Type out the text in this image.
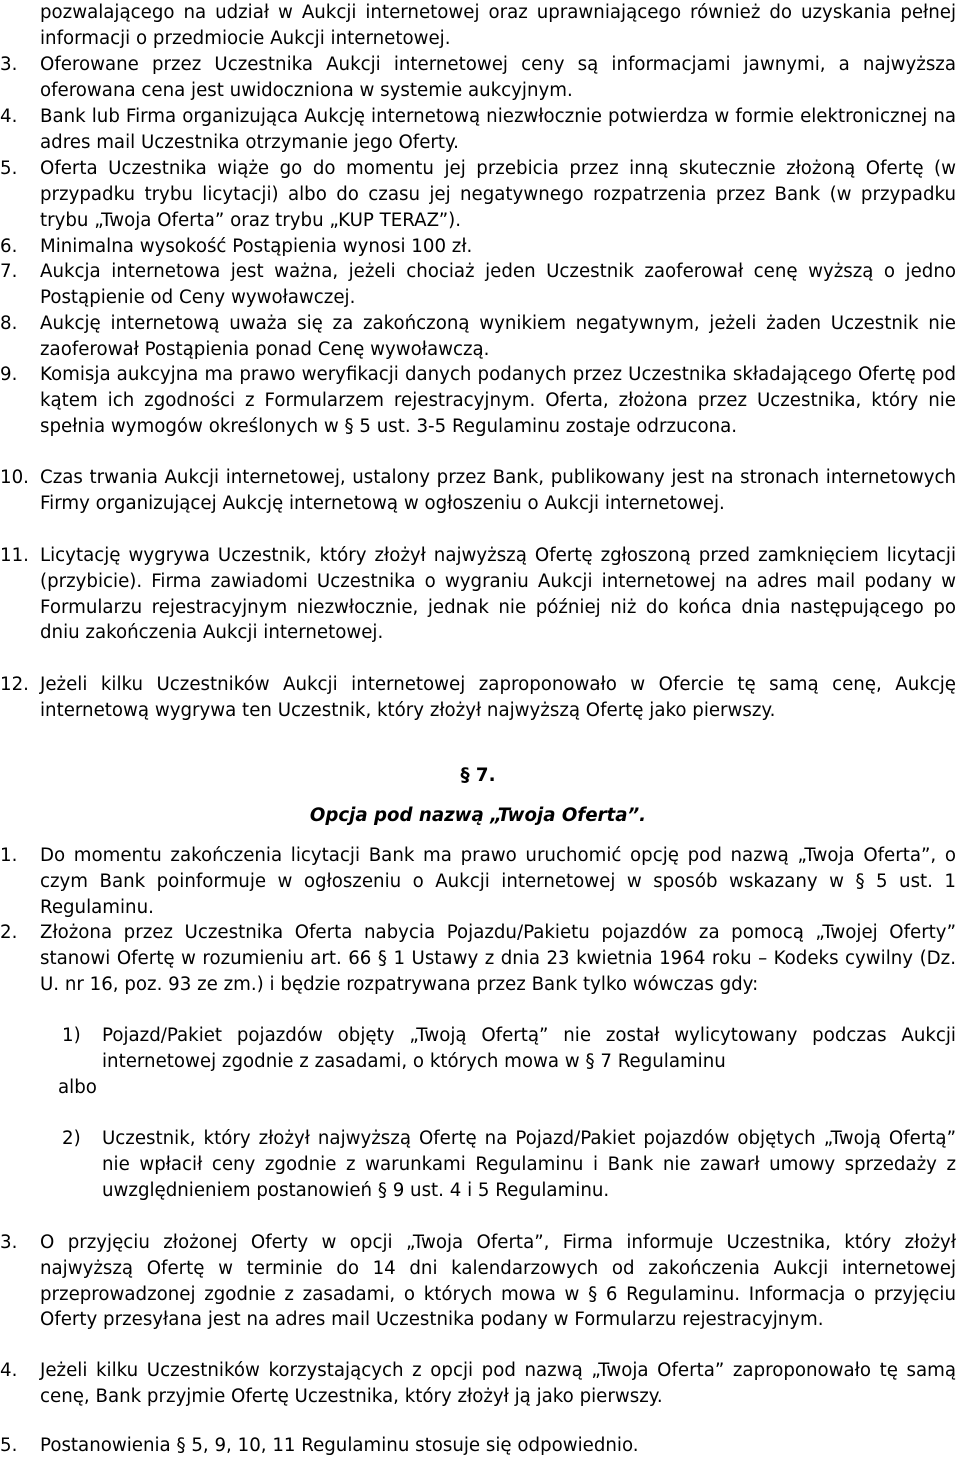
pozwalającego na udział w Aukcji internetowej oraz uprawniającego również do uzyskania pełnej informacji o przedmiocie Aukcji internetowej.
3.	Oferowane przez Uczestnika Aukcji internetowej ceny są informacjami jawnymi, a najwyższa oferowana cena jest uwidoczniona w systemie aukcyjnym.
4.	Bank lub Firma organizująca Aukcję internetową niezwłocznie potwierdza w formie elektronicznej na adres mail Uczestnika otrzymanie jego Oferty.
5.	Oferta Uczestnika wiąże go do momentu jej przebicia przez inną skutecznie złożoną Ofertę (w przypadku trybu licytacji) albo do czasu jej negatywnego rozpatrzenia przez Bank (w przypadku trybu „Twoja Oferta” oraz trybu „KUP TERAZ”).
6.	Minimalna wysokość Postąpienia wynosi 100 zł.
7.	Aukcja internetowa jest ważna, jeżeli chociaż jeden Uczestnik zaoferował cenę wyższą o jedno Postąpienie od Ceny wywoławczej.
8.	Aukcję internetową uważa się za zakończoną wynikiem negatywnym, jeżeli żaden Uczestnik nie zaoferował Postąpienia ponad Cenę wywoławczą.
9.	Komisja aukcyjna ma prawo weryfikacji danych podanych przez Uczestnika składającego Ofertę pod kątem ich zgodności z Formularzem rejestracyjnym. Oferta, złożona przez Uczestnika, który nie spełnia wymogów określonych w § 5 ust. 3-5 Regulaminu zostaje odrzucona.
10. Czas trwania Aukcji internetowej, ustalony przez Bank, publikowany jest na stronach internetowych Firmy organizującej Aukcję internetową w ogłoszeniu o Aukcji internetowej.
11. Licytację wygrywa Uczestnik, który złożył najwyższą Ofertę zgłoszoną przed zamknięciem licytacji (przybicie). Firma zawiadomi Uczestnika o wygraniu Aukcji internetowej na adres mail podany w Formularzu rejestracyjnym niezwłocznie, jednak nie później niż do końca dnia następującego po dniu zakończenia Aukcji internetowej.
12. Jeżeli kilku Uczestników Aukcji internetowej zaproponowało w Ofercie tę samą cenę, Aukcję internetową wygrywa ten Uczestnik, który złożył najwyższą Ofertę jako pierwszy.
§ 7.
Opcja pod nazwą „Twoja Oferta”.
1.	Do momentu zakończenia licytacji Bank ma prawo uruchomić opcję pod nazwą „Twoja Oferta”, o czym Bank poinformuje w ogłoszeniu o Aukcji internetowej w sposób wskazany w § 5 ust. 1 Regulaminu.
2.	Złożona przez Uczestnika Oferta nabycia Pojazdu/Pakietu pojazdów za pomocą „Twojej Oferty” stanowi Ofertę w rozumieniu art. 66 § 1 Ustawy z dnia 23 kwietnia 1964 roku – Kodeks cywilny (Dz. U. nr 16, poz. 93 ze zm.) i będzie rozpatrywana przez Bank tylko wówczas gdy:
1)	Pojazd/Pakiet pojazdów objęty „Twoją Ofertą” nie został wylicytowany podczas Aukcji internetowej zgodnie z zasadami, o których mowa w § 7 Regulaminu
albo
2)	Uczestnik, który złożył najwyższą Ofertę na Pojazd/Pakiet pojazdów objętych „Twoją Ofertą” nie wpłacił ceny zgodnie z warunkami Regulaminu i Bank nie zawarł umowy sprzedaży z uwzględnieniem postanowień § 9 ust. 4 i 5 Regulaminu.
3.	O przyjęciu złożonej Oferty w opcji „Twoja Oferta”, Firma informuje Uczestnika, który złożył najwyższą Ofertę w terminie do 14 dni kalendarzowych od zakończenia Aukcji internetowej przeprowadzonej zgodnie z zasadami, o których mowa w § 6 Regulaminu. Informacja o przyjęciu Oferty przesyłana jest na adres mail Uczestnika podany w Formularzu rejestracyjnym.
4.	Jeżeli kilku Uczestników korzystających z opcji pod nazwą „Twoja Oferta” zaproponowało tę samą cenę, Bank przyjmie Ofertę Uczestnika, który złożył ją jako pierwszy.
5.	Postanowienia § 5, 9, 10, 11 Regulaminu stosuje się odpowiednio.
